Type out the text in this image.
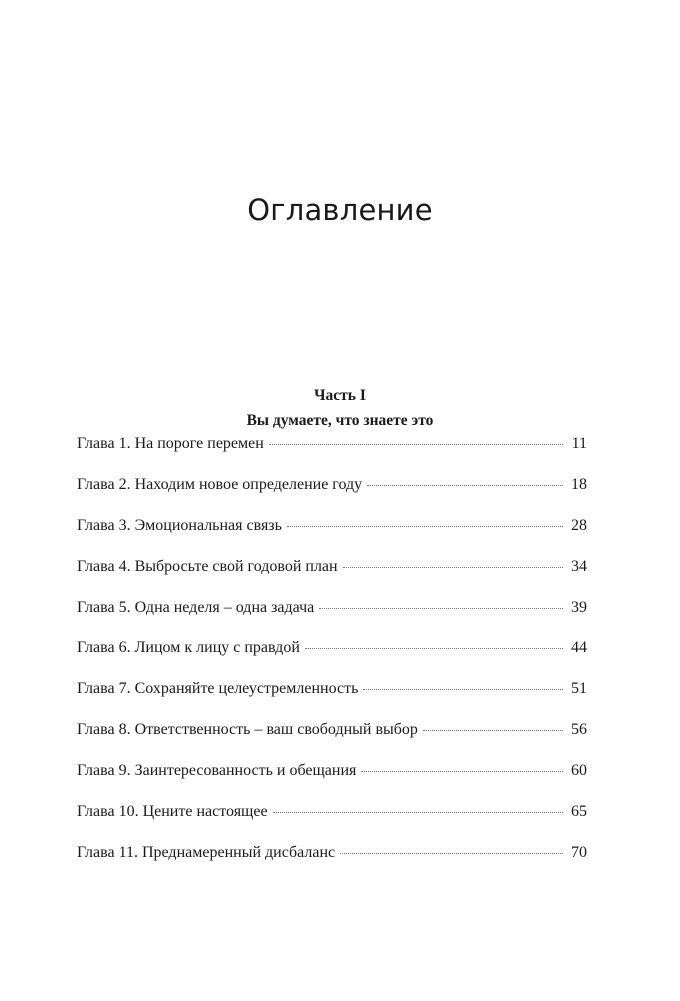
Оглавление
Часть I
Вы думаете, что знаете это
Глава 1. На пороге перемен	11
Глава 2. Находим новое определение году	18
Глава 3. Эмоциональная связь	28
Глава 4. Выбросьте свой годовой план	34
Глава 5. Одна неделя – одна задача	39
Глава 6. Лицом к лицу с правдой	44
Глава 7. Сохраняйте целеустремленность	51
Глава 8. Ответственность – ваш свободный выбор	56
Глава 9. Заинтересованность и обещания	60
Глава 10. Цените настоящее	65
Глава 11. Преднамеренный дисбаланс	70
